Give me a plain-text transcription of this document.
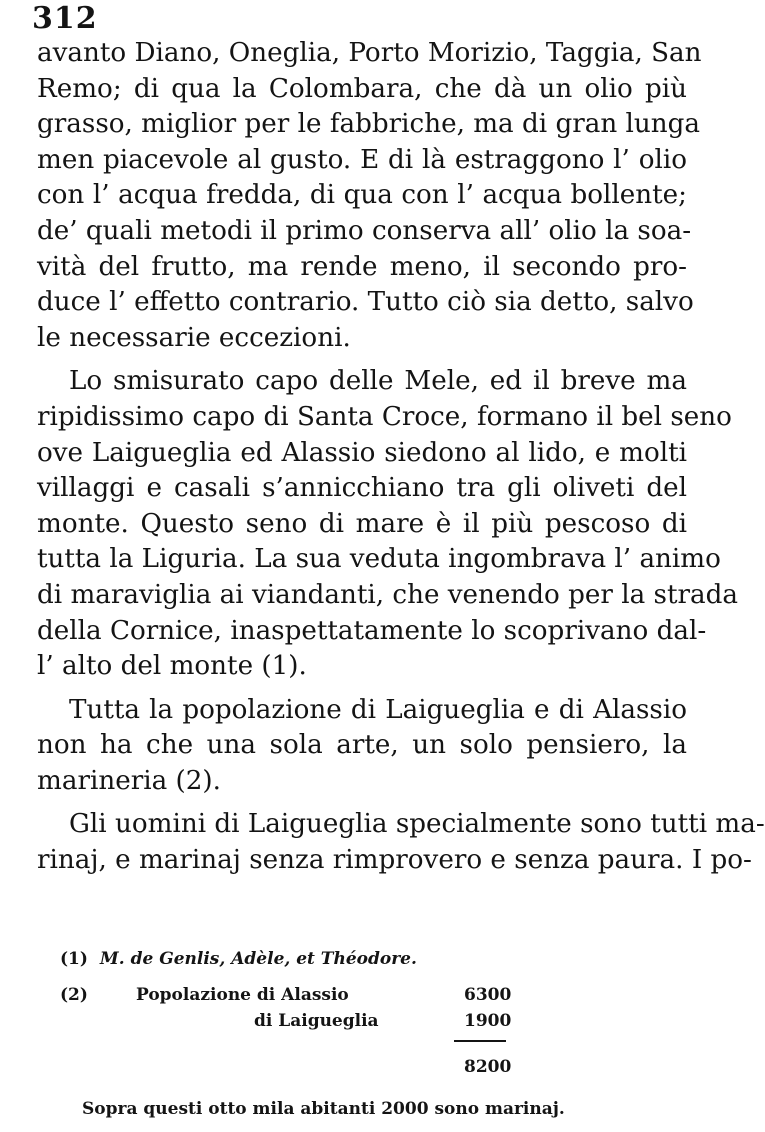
312
avanto Diano, Oneglia, Porto Morizio, Taggia, San
Remo; di qua la Colombara, che dà un olio più
grasso, miglior per le fabbriche, ma di gran lunga
men piacevole al gusto. E di là estraggono l’ olio
con l’ acqua fredda, di qua con l’ acqua bollente;
de’ quali metodi il primo conserva all’ olio la soa-
vità del frutto, ma rende meno, il secondo pro-
duce l’ effetto contrario. Tutto ciò sia detto, salvo
le necessarie eccezioni.
Lo smisurato capo delle Mele, ed il breve ma
ripidissimo capo di Santa Croce, formano il bel seno
ove Laigueglia ed Alassio siedono al lido, e molti
villaggi e casali s’annicchiano tra gli oliveti del
monte. Questo seno di mare è il più pescoso di
tutta la Liguria. La sua veduta ingombrava l’ animo
di maraviglia ai viandanti, che venendo per la strada
della Cornice, inaspettatamente lo scoprivano dal-
l’ alto del monte (1).
Tutta la popolazione di Laigueglia e di Alassio
non ha che una sola arte, un solo pensiero, la
marineria (2).
Gli uomini di Laigueglia specialmente sono tutti ma-
rinaj, e marinaj senza rimprovero e senza paura. I po-
(1) M. de Genlis, Adèle, et Théodore.
(2)	Popolazione di Alassio	6300
di Laigueglia	1900
8200
Sopra questi otto mila abitanti 2000 sono marinaj.
